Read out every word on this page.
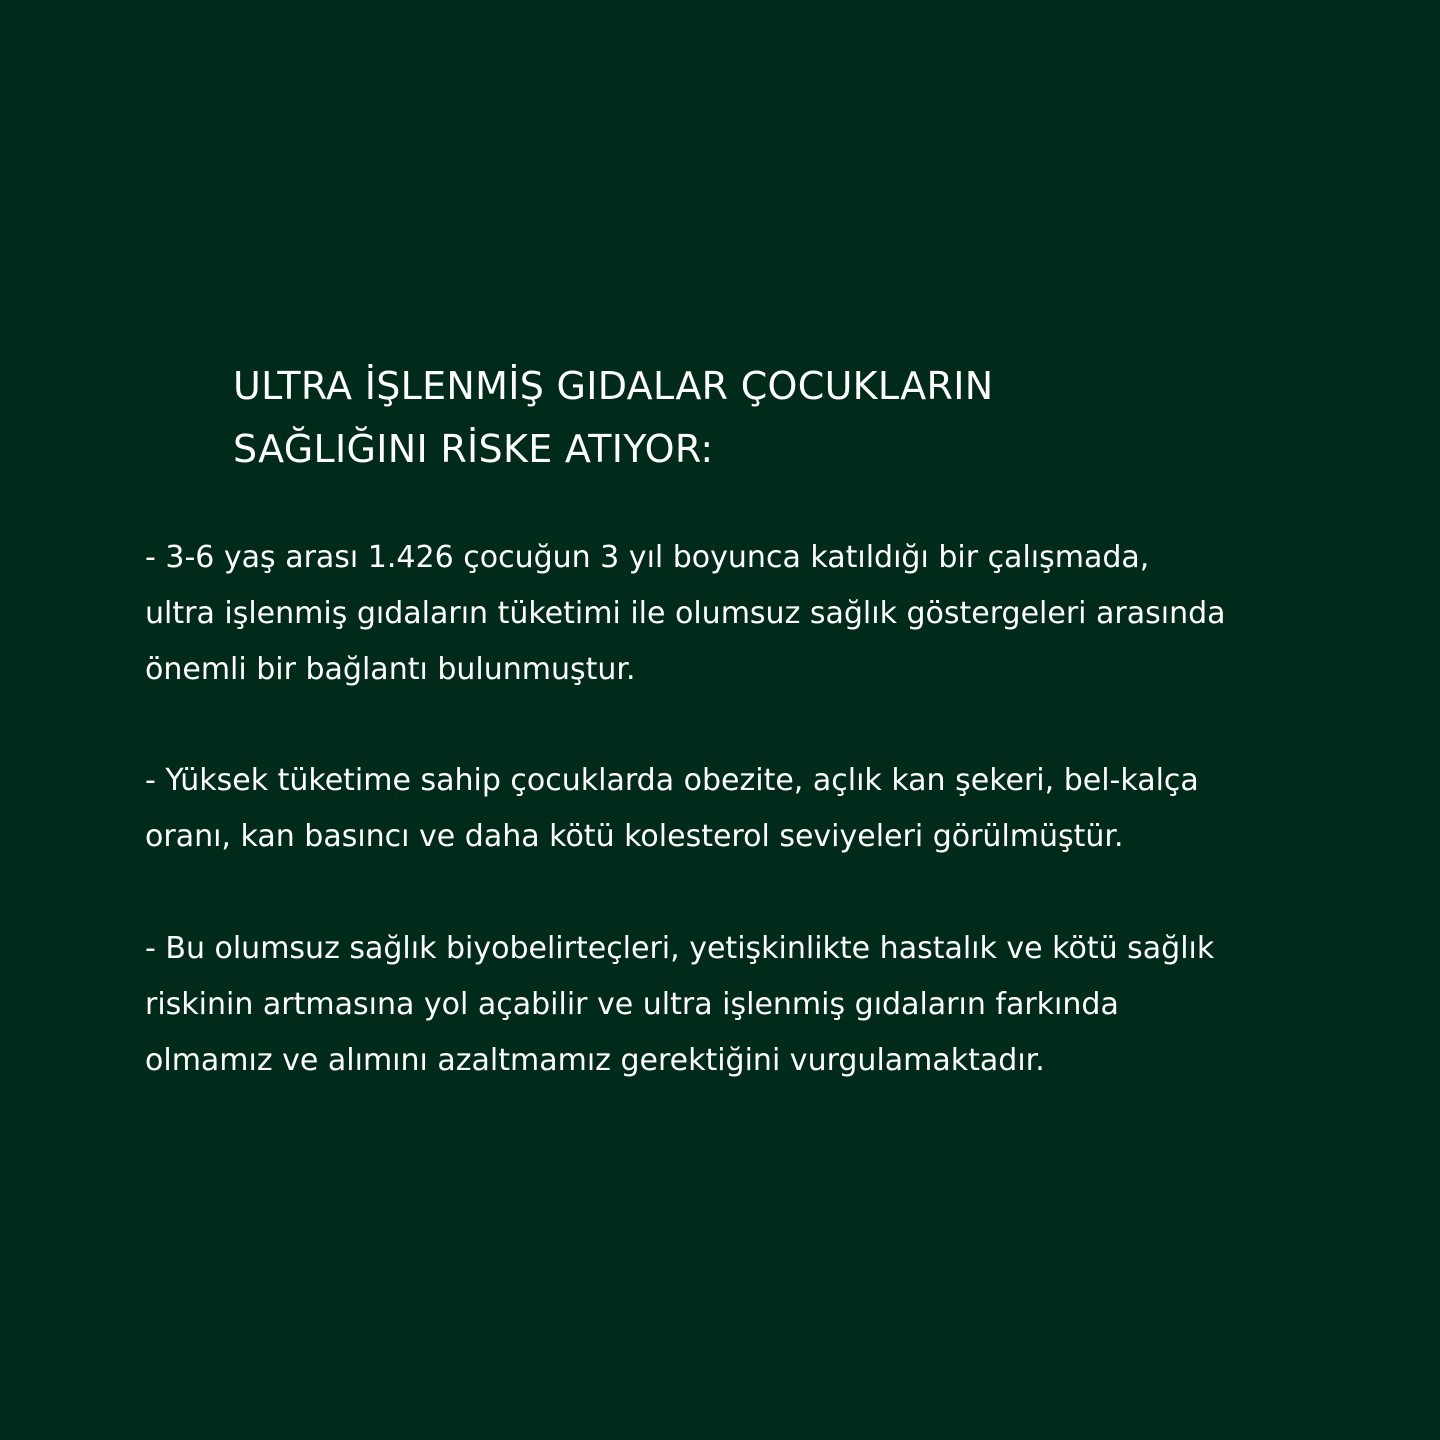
ULTRA İŞLENMİŞ GIDALAR ÇOCUKLARIN
SAĞLIĞINI RİSKE ATIYOR:

- 3-6 yaş arası 1.426 çocuğun 3 yıl boyunca katıldığı bir çalışmada,
ultra işlenmiş gıdaların tüketimi ile olumsuz sağlık göstergeleri arasında
önemli bir bağlantı bulunmuştur.

- Yüksek tüketime sahip çocuklarda obezite, açlık kan şekeri, bel-kalça
oranı, kan basıncı ve daha kötü kolesterol seviyeleri görülmüştür.

- Bu olumsuz sağlık biyobelirteçleri, yetişkinlikte hastalık ve kötü sağlık
riskinin artmasına yol açabilir ve ultra işlenmiş gıdaların farkında
olmamız ve alımını azaltmamız gerektiğini vurgulamaktadır.
